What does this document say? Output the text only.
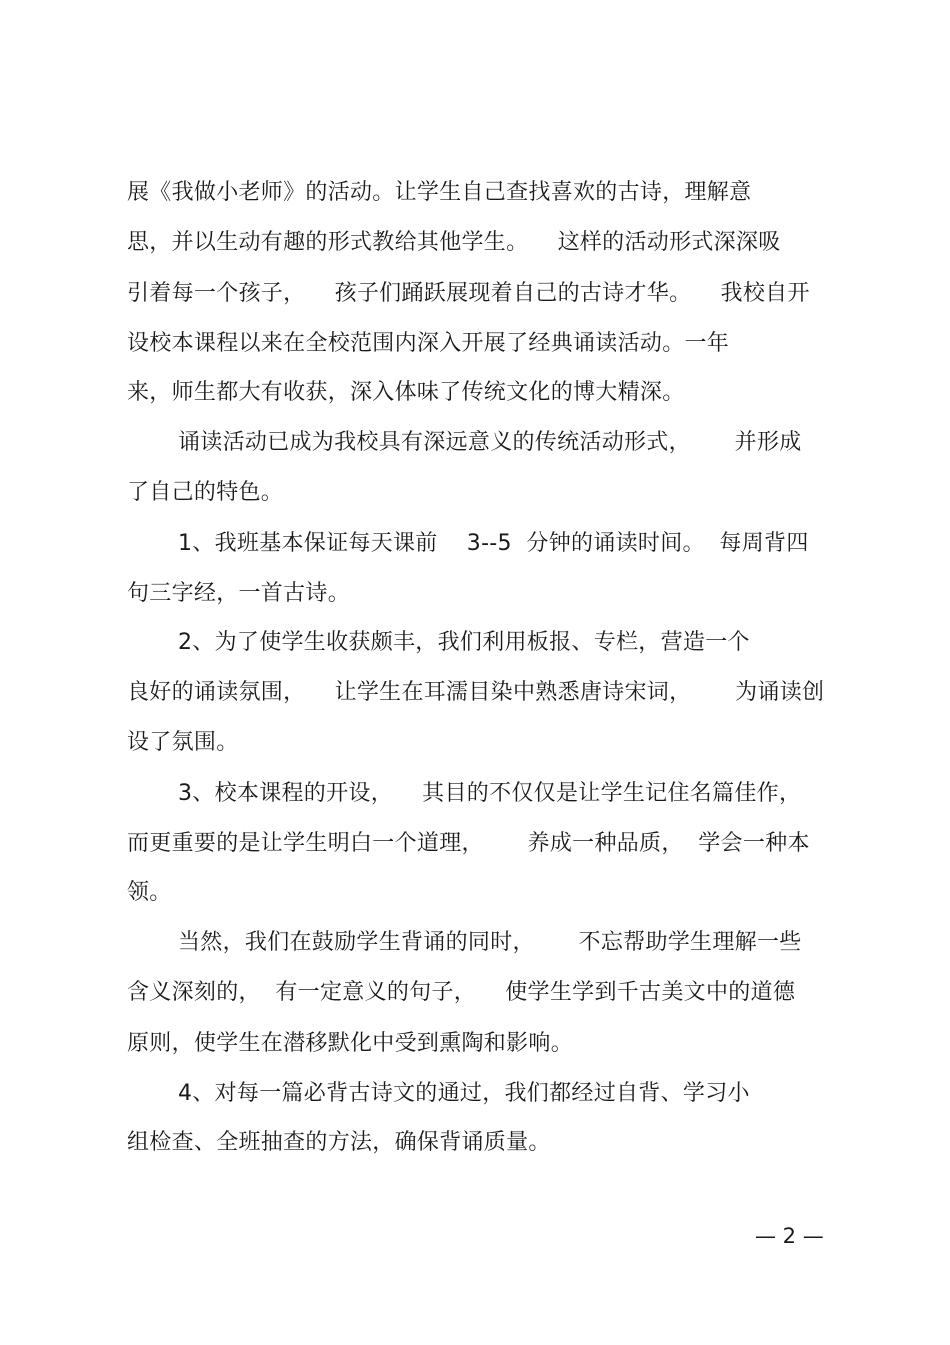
展《我做小老师》的活动。让学生自己查找喜欢的古诗，理解意
思，并以生动有趣的形式教给其他学生。    这样的活动形式深深吸
引着每一个孩子，    孩子们踊跃展现着自己的古诗才华。    我校自开
设校本课程以来在全校范围内深入开展了经典诵读活动。一年
来，师生都大有收获，深入体味了传统文化的博大精深。
诵读活动已成为我校具有深远意义的传统活动形式，      并形成
了自己的特色。
1、我班基本保证每天课前    3--5  分钟的诵读时间。  每周背四
句三字经，一首古诗。
2、为了使学生收获颇丰，我们利用板报、专栏，营造一个
良好的诵读氛围，    让学生在耳濡目染中熟悉唐诗宋词，      为诵读创
设了氛围。
3、校本课程的开设，    其目的不仅仅是让学生记住名篇佳作，
而更重要的是让学生明白一个道理，      养成一种品质，  学会一种本
领。
当然，我们在鼓励学生背诵的同时，      不忘帮助学生理解一些
含义深刻的，  有一定意义的句子，    使学生学到千古美文中的道德
原则，使学生在潜移默化中受到熏陶和影响。
4、对每一篇必背古诗文的通过，我们都经过自背、学习小
组检查、全班抽查的方法，确保背诵质量。
— 2 —
